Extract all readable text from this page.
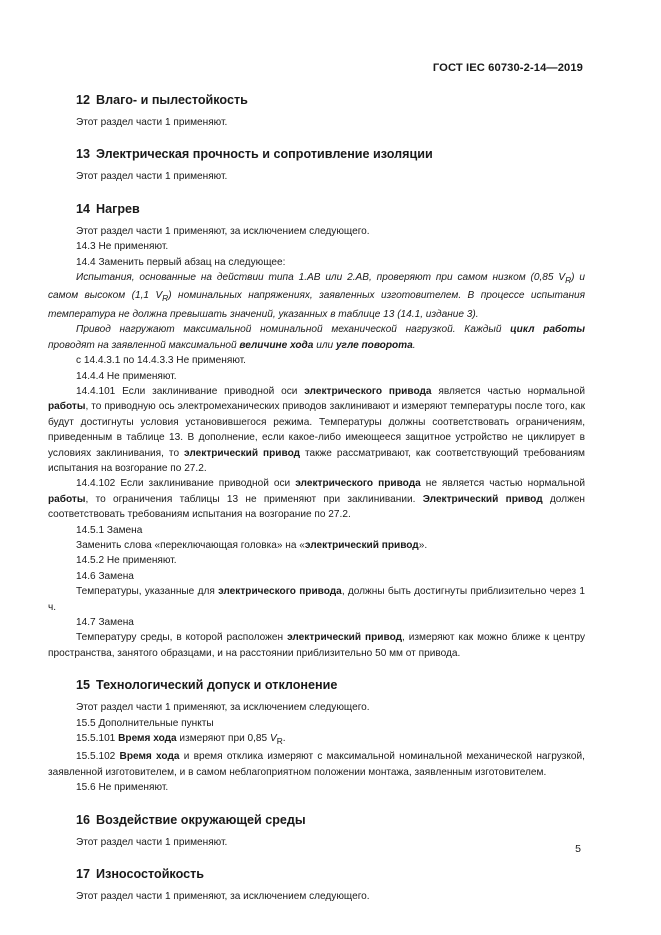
ГОСТ IEC 60730-2-14—2019
12 Влаго- и пылестойкость

Этот раздел части 1 применяют.

13 Электрическая прочность и сопротивление изоляции

Этот раздел части 1 применяют.

14 Нагрев

Этот раздел части 1 применяют, за исключением следующего.

14.3 Не применяют.

14.4 Заменить первый абзац на следующее:

Испытания, основанные на действии типа 1.АВ или 2.АВ, проверяют при самом низком (0,85 $V_R$) и самом высоком (1,1 $V_R$) номинальных напряжениях, заявленных изготовителем. В процессе испытания температура не должна превышать значений, указанных в таблице 13 (14.1, издание 3).

Привод нагружают максимальной номинальной механической нагрузкой. Каждый цикл работы проводят на заявленной максимальной величине хода или угле поворота.

с 14.4.3.1 по 14.4.3.3 Не применяют.

14.4.4 Не применяют.

14.4.101 Если заклинивание приводной оси электрического привода является частью нормальной работы, то приводную ось электромеханических приводов заклинивают и измеряют температуры после того, как будут достигнуты условия установившегося режима. Температуры должны соответствовать ограничениям, приведенным в таблице 13. В дополнение, если какое-либо имеющееся защитное устройство не циклирует в условиях заклинивания, то электрический привод также рассматривают, как соответствующий требованиям испытания на возгорание по 27.2.

14.4.102 Если заклинивание приводной оси электрического привода не является частью нормальной работы, то ограничения таблицы 13 не применяют при заклинивании. Электрический привод должен соответствовать требованиям испытания на возгорание по 27.2.

14.5.1 Замена

Заменить слова «переключающая головка» на «электрический привод».

14.5.2 Не применяют.

14.6 Замена

Температуры, указанные для электрического привода, должны быть достигнуты приблизительно через 1 ч.

14.7 Замена

Температуру среды, в которой расположен электрический привод, измеряют как можно ближе к центру пространства, занятого образцами, и на расстоянии приблизительно 50 мм от привода.

15 Технологический допуск и отклонение

Этот раздел части 1 применяют, за исключением следующего.

15.5 Дополнительные пункты

15.5.101 Время хода измеряют при 0,85 $V_R$.

15.5.102 Время хода и время отклика измеряют с максимальной номинальной механической нагрузкой, заявленной изготовителем, и в самом неблагоприятном положении монтажа, заявленным изготовителем.

15.6 Не применяют.

16 Воздействие окружающей среды

Этот раздел части 1 применяют.

17 Износостойкость

Этот раздел части 1 применяют, за исключением следующего.

5
